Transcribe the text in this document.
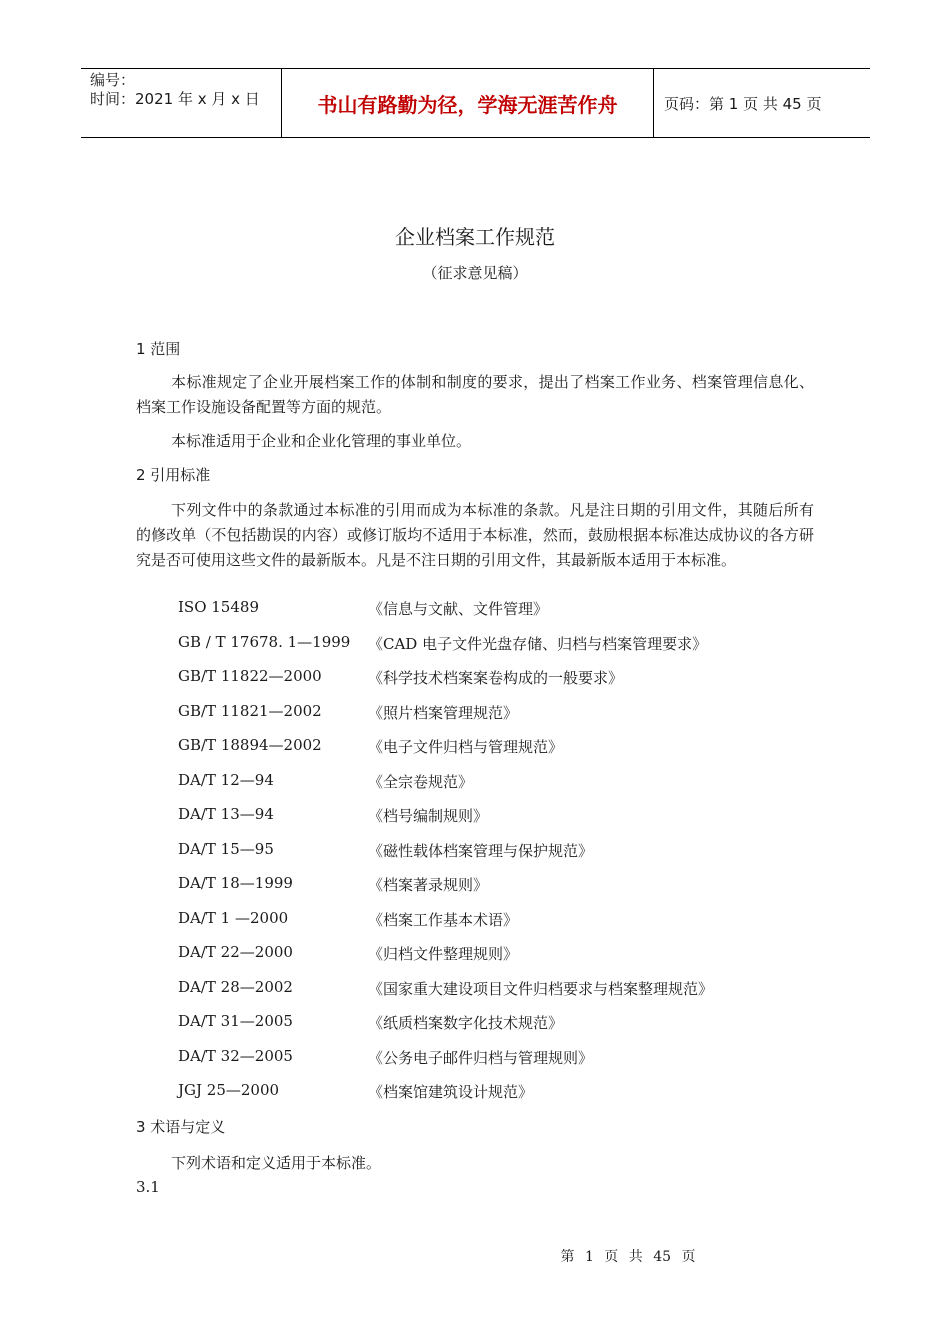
编号：
时间：2021 年 x 月 x 日	书山有路勤为径，学海无涯苦作舟	页码：第 1 页 共 45 页
企业档案工作规范
（征求意见稿）
1 范围

本标准规定了企业开展档案工作的体制和制度的要求，提出了档案工作业务、档案管理信息化、档案工作设施设备配置等方面的规范。

本标准适用于企业和企业化管理的事业单位。

2 引用标准

下列文件中的条款通过本标准的引用而成为本标准的条款。凡是注日期的引用文件，其随后所有的修改单（不包括勘误的内容）或修订版均不适用于本标准，然而，鼓励根据本标准达成协议的各方研究是否可使用这些文件的最新版本。凡是不注日期的引用文件，其最新版本适用于本标准。

ISO 15489	《信息与文献、文件管理》
GB / T 17678. 1—1999 《CAD 电子文件光盘存储、归档与档案管理要求》
GB/T 11822—2000	《科学技术档案案卷构成的一般要求》
GB/T 11821—2002	《照片档案管理规范》
GB/T 18894—2002	《电子文件归档与管理规范》
DA/T 12—94	《全宗卷规范》
DA/T 13—94	《档号编制规则》
DA/T 15—95	《磁性载体档案管理与保护规范》
DA/T 18—1999	《档案著录规则》
DA/T 1 —2000	《档案工作基本术语》
DA/T 22—2000	《归档文件整理规则》
DA/T 28—2002	《国家重大建设项目文件归档要求与档案整理规范》
DA/T 31—2005	《纸质档案数字化技术规范》
DA/T 32—2005	《公务电子邮件归档与管理规则》
JGJ 25—2000	《档案馆建筑设计规范》
3 术语与定义

下列术语和定义适用于本标准。

3.1
第 1 页 共 45 页
